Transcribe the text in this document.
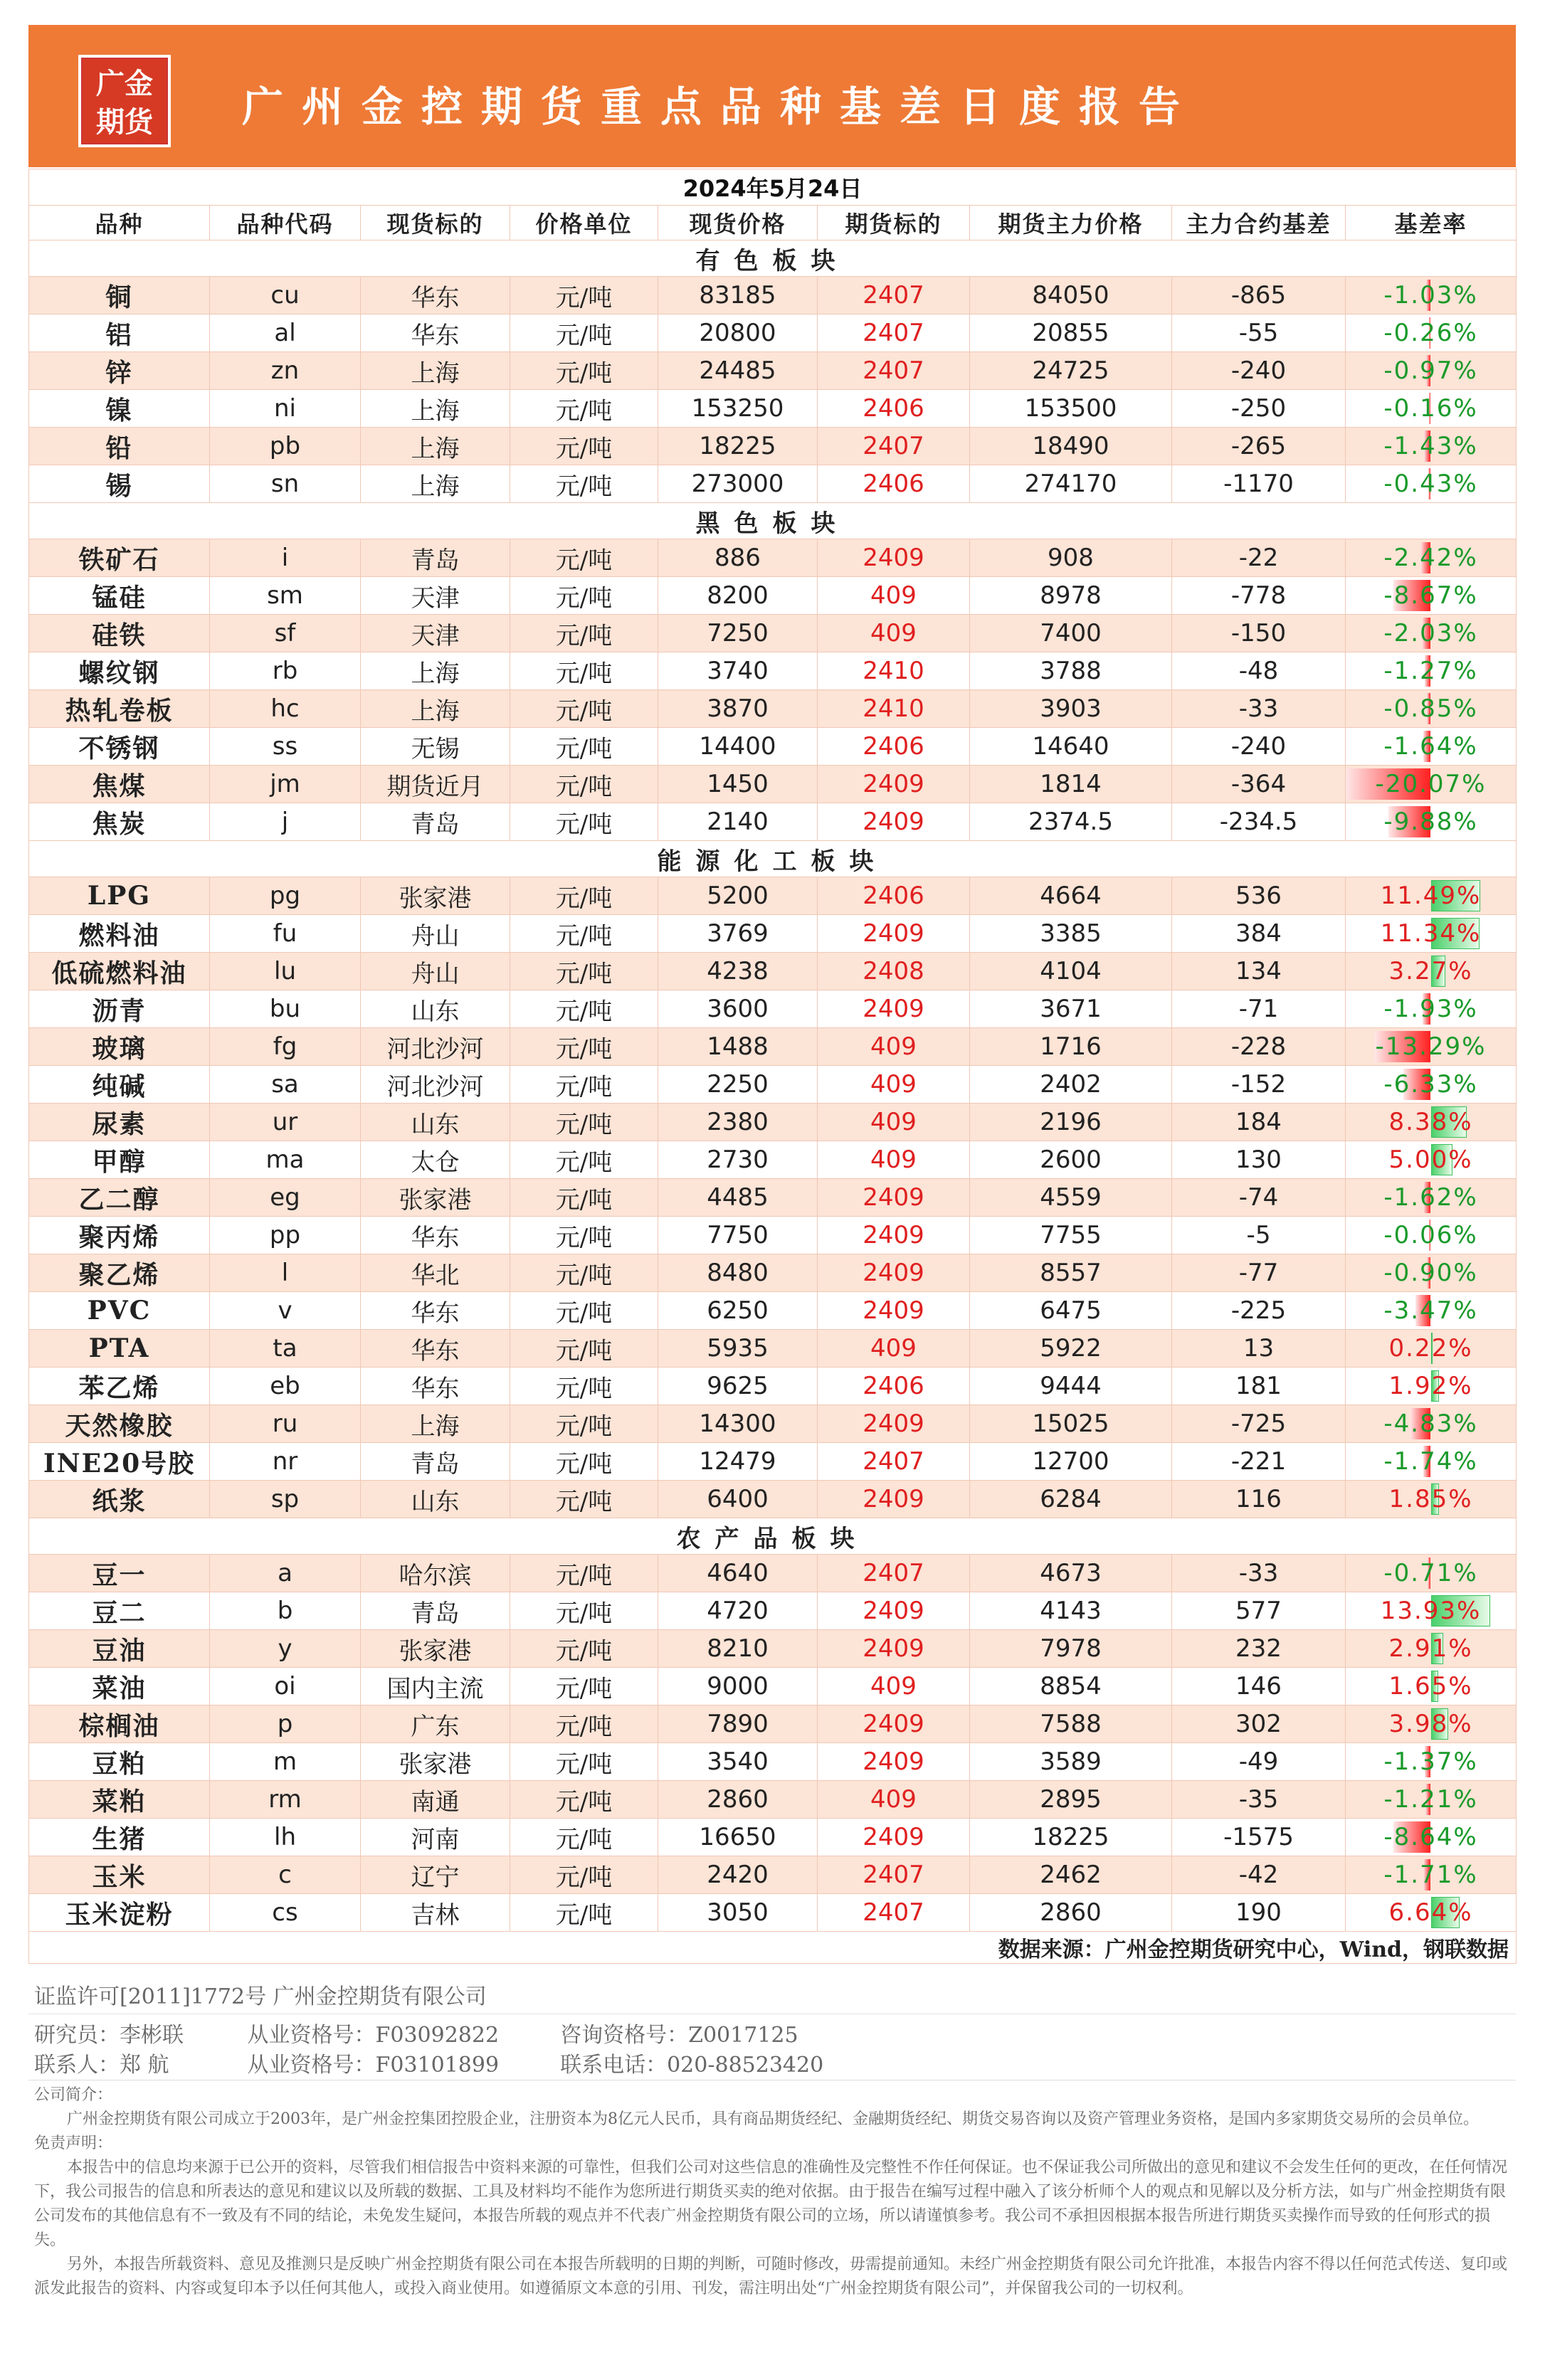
广金
期货	广州金控期货重点品种基差日度报告
2024年5月24日								
品种	品种代码	现货标的	价格单位	现货价格	期货标的	期货主力价格	主力合约基差	基差率
有色板块								
铜	cu	华东	元/吨	83185	2407	84050	-865	-1.03%
铝	al	华东	元/吨	20800	2407	20855	-55	-0.26%
锌	zn	上海	元/吨	24485	2407	24725	-240	-0.97%
镍	ni	上海	元/吨	153250	2406	153500	-250	-0.16%
铅	pb	上海	元/吨	18225	2407	18490	-265	-1.43%
锡	sn	上海	元/吨	273000	2406	274170	-1170	-0.43%
黑色板块								
铁矿石	i	青岛	元/吨	886	2409	908	-22	-2.42%
锰硅	sm	天津	元/吨	8200	409	8978	-778	-8.67%
硅铁	sf	天津	元/吨	7250	409	7400	-150	-2.03%
螺纹钢	rb	上海	元/吨	3740	2410	3788	-48	-1.27%
热轧卷板	hc	上海	元/吨	3870	2410	3903	-33	-0.85%
不锈钢	ss	无锡	元/吨	14400	2406	14640	-240	-1.64%
焦煤	jm	期货近月	元/吨	1450	2409	1814	-364	-20.07%
焦炭	j	青岛	元/吨	2140	2409	2374.5	-234.5	-9.88%
能源化工板块								
LPG	pg	张家港	元/吨	5200	2406	4664	536	11.49%
燃料油	fu	舟山	元/吨	3769	2409	3385	384	11.34%
低硫燃料油	lu	舟山	元/吨	4238	2408	4104	134	3.27%
沥青	bu	山东	元/吨	3600	2409	3671	-71	-1.93%
玻璃	fg	河北沙河	元/吨	1488	409	1716	-228	-13.29%
纯碱	sa	河北沙河	元/吨	2250	409	2402	-152	-6.33%
尿素	ur	山东	元/吨	2380	409	2196	184	8.38%
甲醇	ma	太仓	元/吨	2730	409	2600	130	5.00%
乙二醇	eg	张家港	元/吨	4485	2409	4559	-74	-1.62%
聚丙烯	pp	华东	元/吨	7750	2409	7755	-5	-0.06%
聚乙烯	l	华北	元/吨	8480	2409	8557	-77	-0.90%
PVC	v	华东	元/吨	6250	2409	6475	-225	-3.47%
PTA	ta	华东	元/吨	5935	409	5922	13	0.22%
苯乙烯	eb	华东	元/吨	9625	2406	9444	181	1.92%
天然橡胶	ru	上海	元/吨	14300	2409	15025	-725	-4.83%
INE20号胶	nr	青岛	元/吨	12479	2407	12700	-221	-1.74%
纸浆	sp	山东	元/吨	6400	2409	6284	116	1.85%
农产品板块								
豆一	a	哈尔滨	元/吨	4640	2407	4673	-33	-0.71%
豆二	b	青岛	元/吨	4720	2409	4143	577	13.93%
豆油	y	张家港	元/吨	8210	2409	7978	232	2.91%
菜油	oi	国内主流	元/吨	9000	409	8854	146	1.65%
棕榈油	p	广东	元/吨	7890	2409	7588	302	3.98%
豆粕	m	张家港	元/吨	3540	2409	3589	-49	-1.37%
菜粕	rm	南通	元/吨	2860	409	2895	-35	-1.21%
生猪	lh	河南	元/吨	16650	2409	18225	-1575	-8.64%
玉米	c	辽宁	元/吨	2420	2407	2462	-42	-1.71%
玉米淀粉	cs	吉林	元/吨	3050	2407	2860	190	6.64%
数据来源：广州金控期货研究中心，Wind，钢联数据								
证监许可[2011]1772号 广州金控期货有限公司
研究员：李彬联	从业资格号：F03092822	咨询资格号：Z0017125
联系人：郑 航	从业资格号：F03101899	联系电话：020-88523420

公司简介：

广州金控期货有限公司成立于2003年，是广州金控集团控股企业，注册资本为8亿元人民币，具有商品期货经纪、金融期货经纪、期货交易咨询以及资产管理业务资格，是国内多家期货交易所的会员单位。

免责声明：

本报告中的信息均来源于已公开的资料，尽管我们相信报告中资料来源的可靠性，但我们公司对这些信息的准确性及完整性不作任何保证。也不保证我公司所做出的意见和建议不会发生任何的更改，在任何情况下，我公司报告的信息和所表达的意见和建议以及所载的数据、工具及材料均不能作为您所进行期货买卖的绝对依据。由于报告在编写过程中融入了该分析师个人的观点和见解以及分析方法，如与广州金控期货有限公司发布的其他信息有不一致及有不同的结论，未免发生疑问，本报告所载的观点并不代表广州金控期货有限公司的立场，所以请谨慎参考。我公司不承担因根据本报告所进行期货买卖操作而导致的任何形式的损失。

另外，本报告所载资料、意见及推测只是反映广州金控期货有限公司在本报告所载明的日期的判断，可随时修改，毋需提前通知。未经广州金控期货有限公司允许批准，本报告内容不得以任何范式传送、复印或派发此报告的资料、内容或复印本予以任何其他人，或投入商业使用。如遵循原文本意的引用、刊发，需注明出处“广州金控期货有限公司”，并保留我公司的一切权利。
